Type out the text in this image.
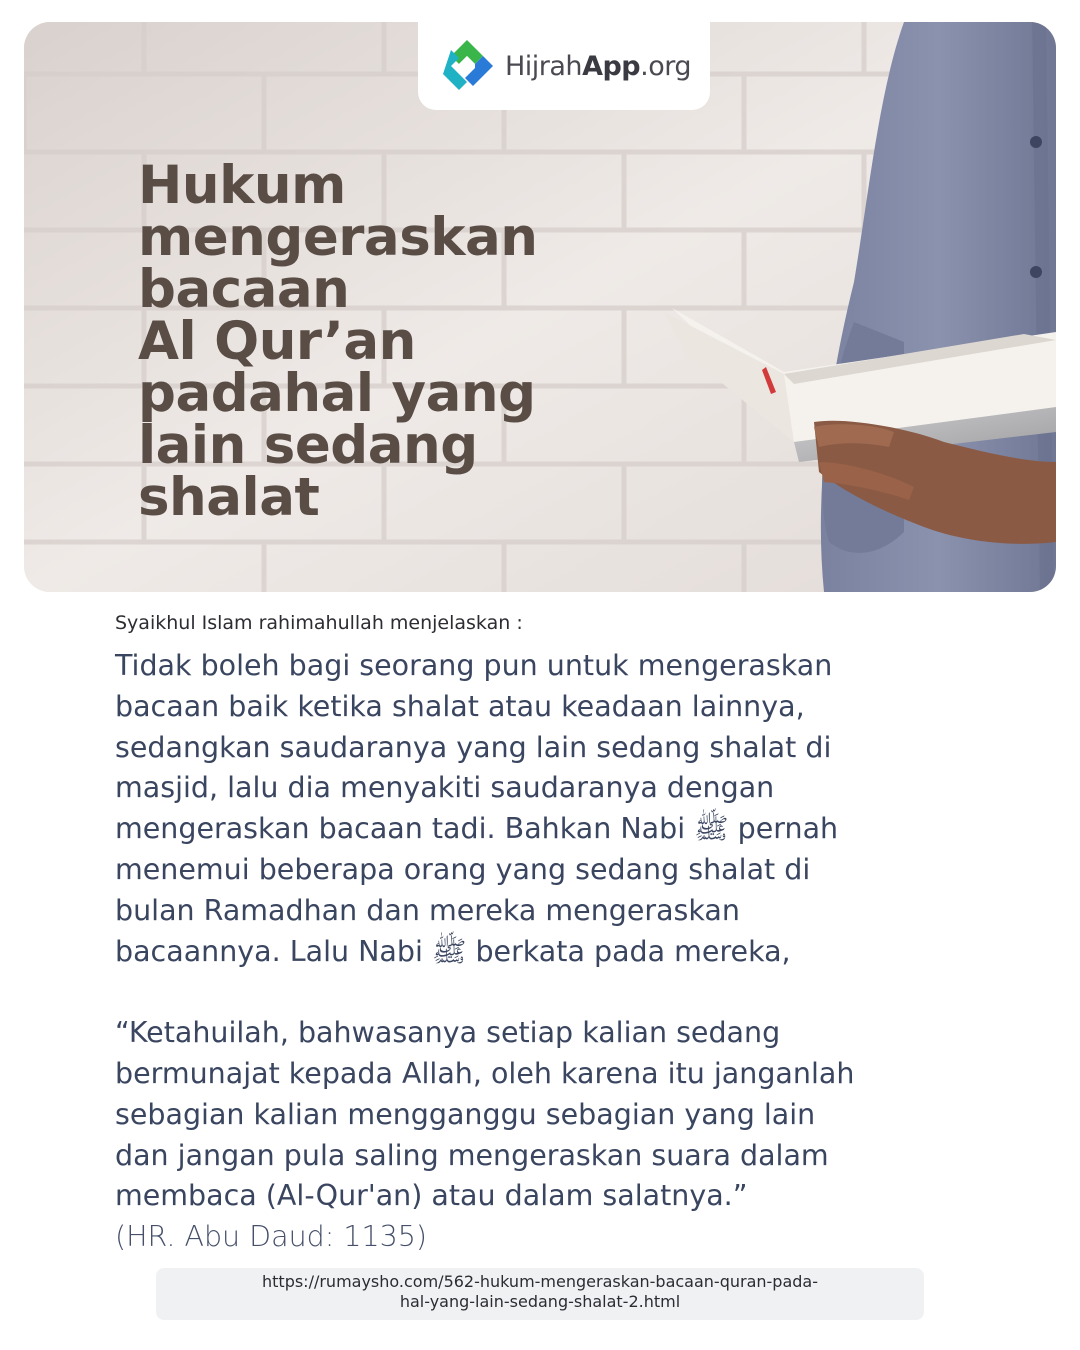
HijrahApp.org
Hukum
mengeraskan
bacaan
Al Qur’an
padahal yang
lain sedang
shalat
Syaikhul Islam rahimahullah menjelaskan :

Tidak boleh bagi seorang pun untuk mengeraskan
bacaan baik ketika shalat atau keadaan lainnya,
sedangkan saudaranya yang lain sedang shalat di
masjid, lalu dia menyakiti saudaranya dengan
mengeraskan bacaan tadi. Bahkan Nabi ﷺ pernah
menemui beberapa orang yang sedang shalat di
bulan Ramadhan dan mereka mengeraskan
bacaannya. Lalu Nabi ﷺ berkata pada mereka,

“Ketahuilah, bahwasanya setiap kalian sedang
bermunajat kepada Allah, oleh karena itu janganlah
sebagian kalian mengganggu sebagian yang lain
dan jangan pula saling mengeraskan suara dalam
membaca (Al-Qur'an) atau dalam salatnya.”
(HR. Abu Daud: 1135)

https://rumaysho.com/562-hukum-mengeraskan-bacaan-quran-pada-
hal-yang-lain-sedang-shalat-2.html
